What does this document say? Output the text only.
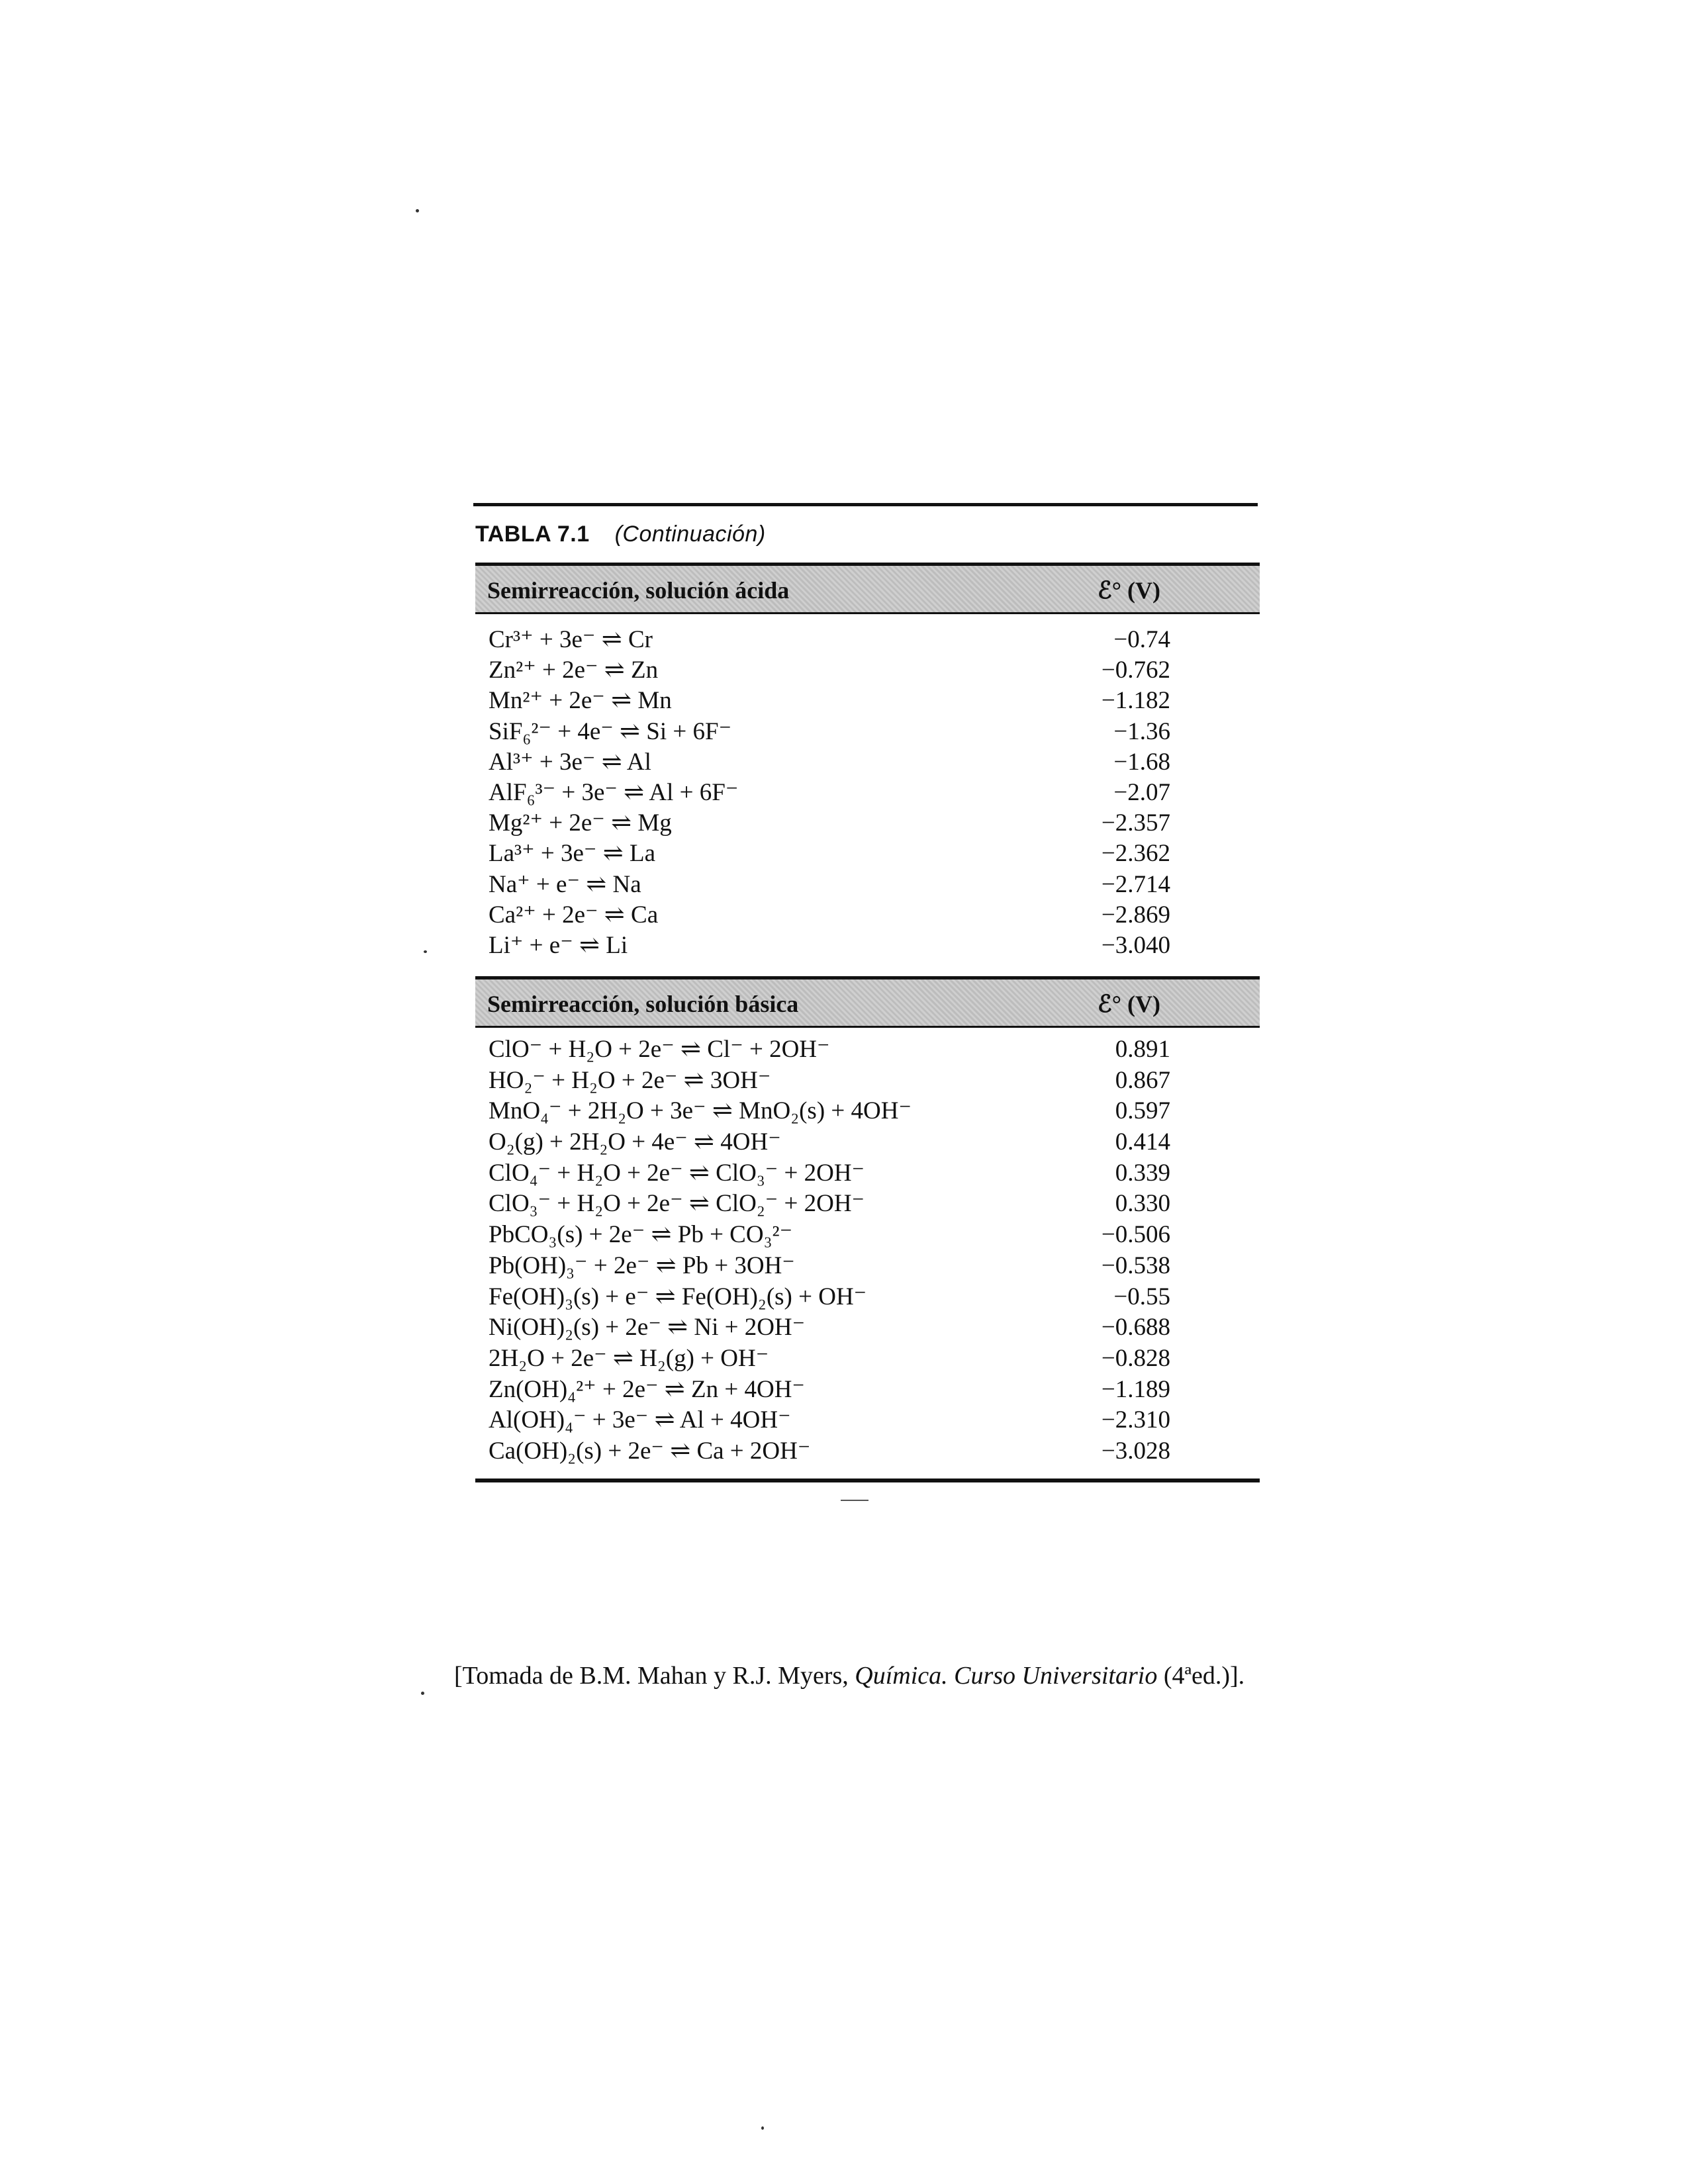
TABLA 7.1 (Continuación)
Semirreacción, solución ácida	ℰ° (V)
Cr³⁺ + 3e⁻ ⇌ Cr	−0.74
Zn²⁺ + 2e⁻ ⇌ Zn	−0.762
Mn²⁺ + 2e⁻ ⇌ Mn	−1.182
SiF₆²⁻ + 4e⁻ ⇌ Si + 6F⁻	−1.36
Al³⁺ + 3e⁻ ⇌ Al	−1.68
AlF₆³⁻ + 3e⁻ ⇌ Al + 6F⁻	−2.07
Mg²⁺ + 2e⁻ ⇌ Mg	−2.357
La³⁺ + 3e⁻ ⇌ La	−2.362
Na⁺ + e⁻ ⇌ Na	−2.714
Ca²⁺ + 2e⁻ ⇌ Ca	−2.869
Li⁺ + e⁻ ⇌ Li	−3.040
Semirreacción, solución básica	ℰ° (V)
ClO⁻ + H₂O + 2e⁻ ⇌ Cl⁻ + 2OH⁻	0.891
HO₂⁻ + H₂O + 2e⁻ ⇌ 3OH⁻	0.867
MnO₄⁻ + 2H₂O + 3e⁻ ⇌ MnO₂(s) + 4OH⁻	0.597
O₂(g) + 2H₂O + 4e⁻ ⇌ 4OH⁻	0.414
ClO₄⁻ + H₂O + 2e⁻ ⇌ ClO₃⁻ + 2OH⁻	0.339
ClO₃⁻ + H₂O + 2e⁻ ⇌ ClO₂⁻ + 2OH⁻	0.330
PbCO₃(s) + 2e⁻ ⇌ Pb + CO₃²⁻	−0.506
Pb(OH)₃⁻ + 2e⁻ ⇌ Pb + 3OH⁻	−0.538
Fe(OH)₃(s) + e⁻ ⇌ Fe(OH)₂(s) + OH⁻	−0.55
Ni(OH)₂(s) + 2e⁻ ⇌ Ni + 2OH⁻	−0.688
2H₂O + 2e⁻ ⇌ H₂(g) + OH⁻	−0.828
Zn(OH)₄²⁺ + 2e⁻ ⇌ Zn + 4OH⁻	−1.189
Al(OH)₄⁻ + 3e⁻ ⇌ Al + 4OH⁻	−2.310
Ca(OH)₂(s) + 2e⁻ ⇌ Ca + 2OH⁻	−3.028
[Tomada de B.M. Mahan y R.J. Myers, Química. Curso Universitario (4ªed.)].
